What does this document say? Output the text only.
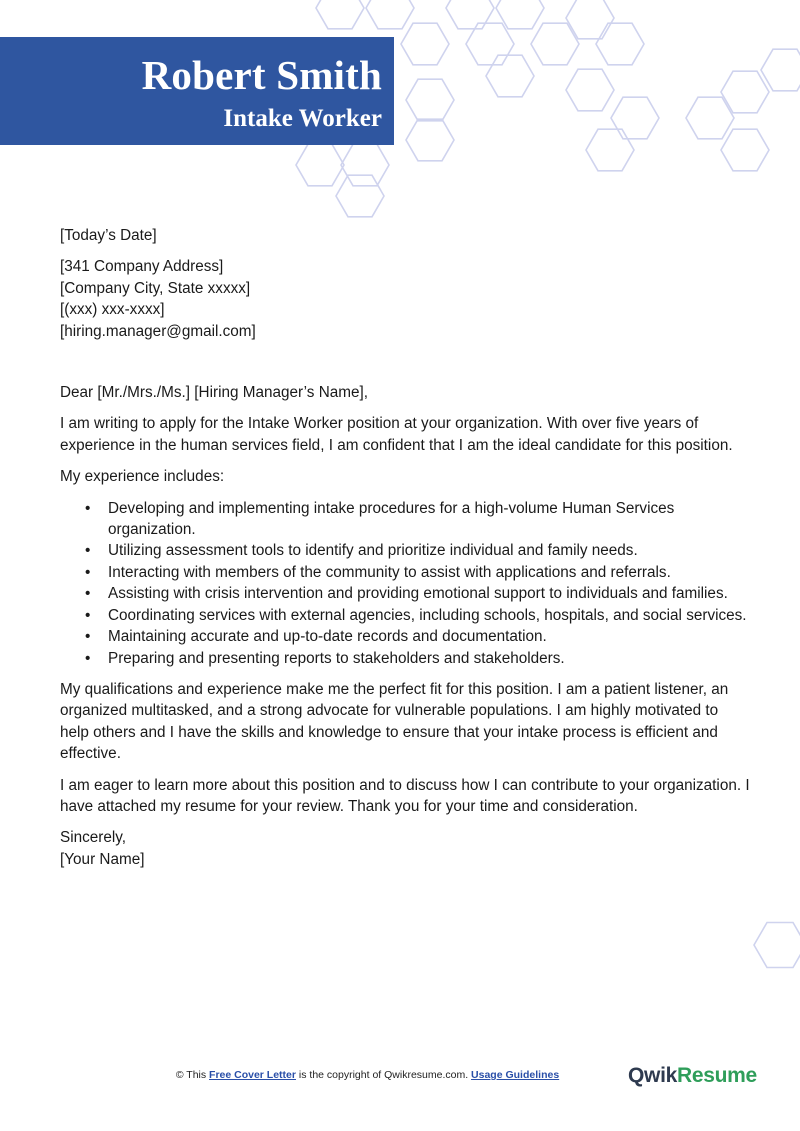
Robert Smith
Intake Worker

[Today’s Date]

[341 Company Address]

[Company City, State xxxxx]

[(xxx) xxx-xxxx]

[hiring.manager@gmail.com]

Dear [Mr./Mrs./Ms.] [Hiring Manager’s Name],

I am writing to apply for the Intake Worker position at your organization. With over five years of experience in the human services field, I am confident that I am the ideal candidate for this position.

My experience includes:

• Developing and implementing intake procedures for a high-volume Human Services organization.
• Utilizing assessment tools to identify and prioritize individual and family needs.
• Interacting with members of the community to assist with applications and referrals.
• Assisting with crisis intervention and providing emotional support to individuals and families.
• Coordinating services with external agencies, including schools, hospitals, and social services.
• Maintaining accurate and up-to-date records and documentation.
• Preparing and presenting reports to stakeholders and stakeholders.

My qualifications and experience make me the perfect fit for this position. I am a patient listener, an organized multitasked, and a strong advocate for vulnerable populations. I am highly motivated to help others and I have the skills and knowledge to ensure that your intake process is efficient and effective.

I am eager to learn more about this position and to discuss how I can contribute to your organization. I have attached my resume for your review. Thank you for your time and consideration.

Sincerely,

[Your Name]

© This Free Cover Letter is the copyright of Qwikresume.com. Usage Guidelines	QwikResume
